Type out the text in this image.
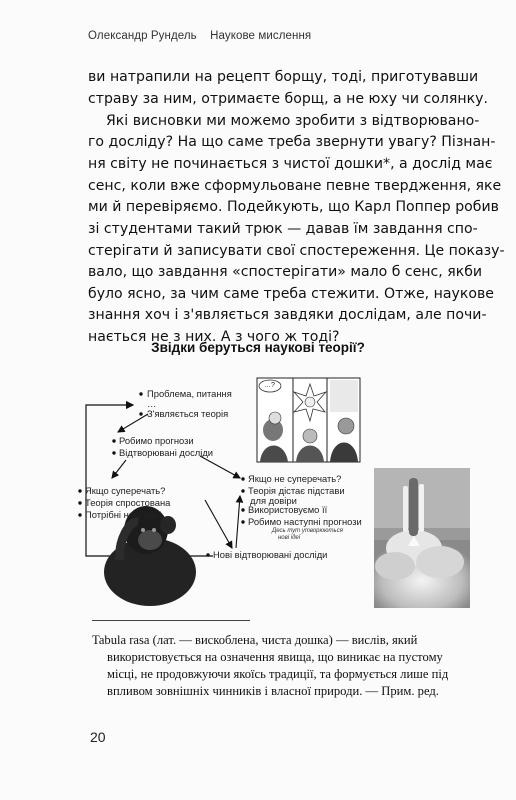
Олександр Рундель Наукове мислення
ви натрапили на рецепт борщу, тоді, приготувавши
страву за ним, отримаєте борщ, а не юху чи солянку.
Які висновки ми можемо зробити з відтворювано-
го досліду? На що саме треба звернути увагу? Пізнан-
ня світу не починається з чистої дошки*, а дослід має
сенс, коли вже сформульоване певне твердження, яке
ми й перевіряємо. Подейкують, що Карл Поппер робив
зі студентами такий трюк — давав їм завдання спо-
стерігати й записувати свої спостереження. Це показу-
вало, що завдання «спостерігати» мало б сенс, якби
було ясно, за чим саме треба стежити. Отже, наукове
знання хоч і з'являється завдяки дослідам, але почи-
нається не з них. А з чого ж тоді?
Звідки беруться наукові теорії?
Проблема, питання
…
З'являється теорія
…?
Робимо прогнози
Відтворювані досліди
Якщо суперечать?
Теорія спростована
Потрібні нові ідеї!
Якщо не суперечать?
Теорія дістає підстави
для довіри
Використовуємо її
Робимо наступні прогнози
Десь тут утворюються
нові ідеї
Нові відтворювані досліди
Tabula rasa (лат. — вискоблена, чиста дошка) — вислів, який
використовується на означення явища, що виникає на пустому
місці, не продовжуючи якоїсь традиції, та формується лише під
впливом зовнішніх чинників і власної природи. — Прим. ред.
20
